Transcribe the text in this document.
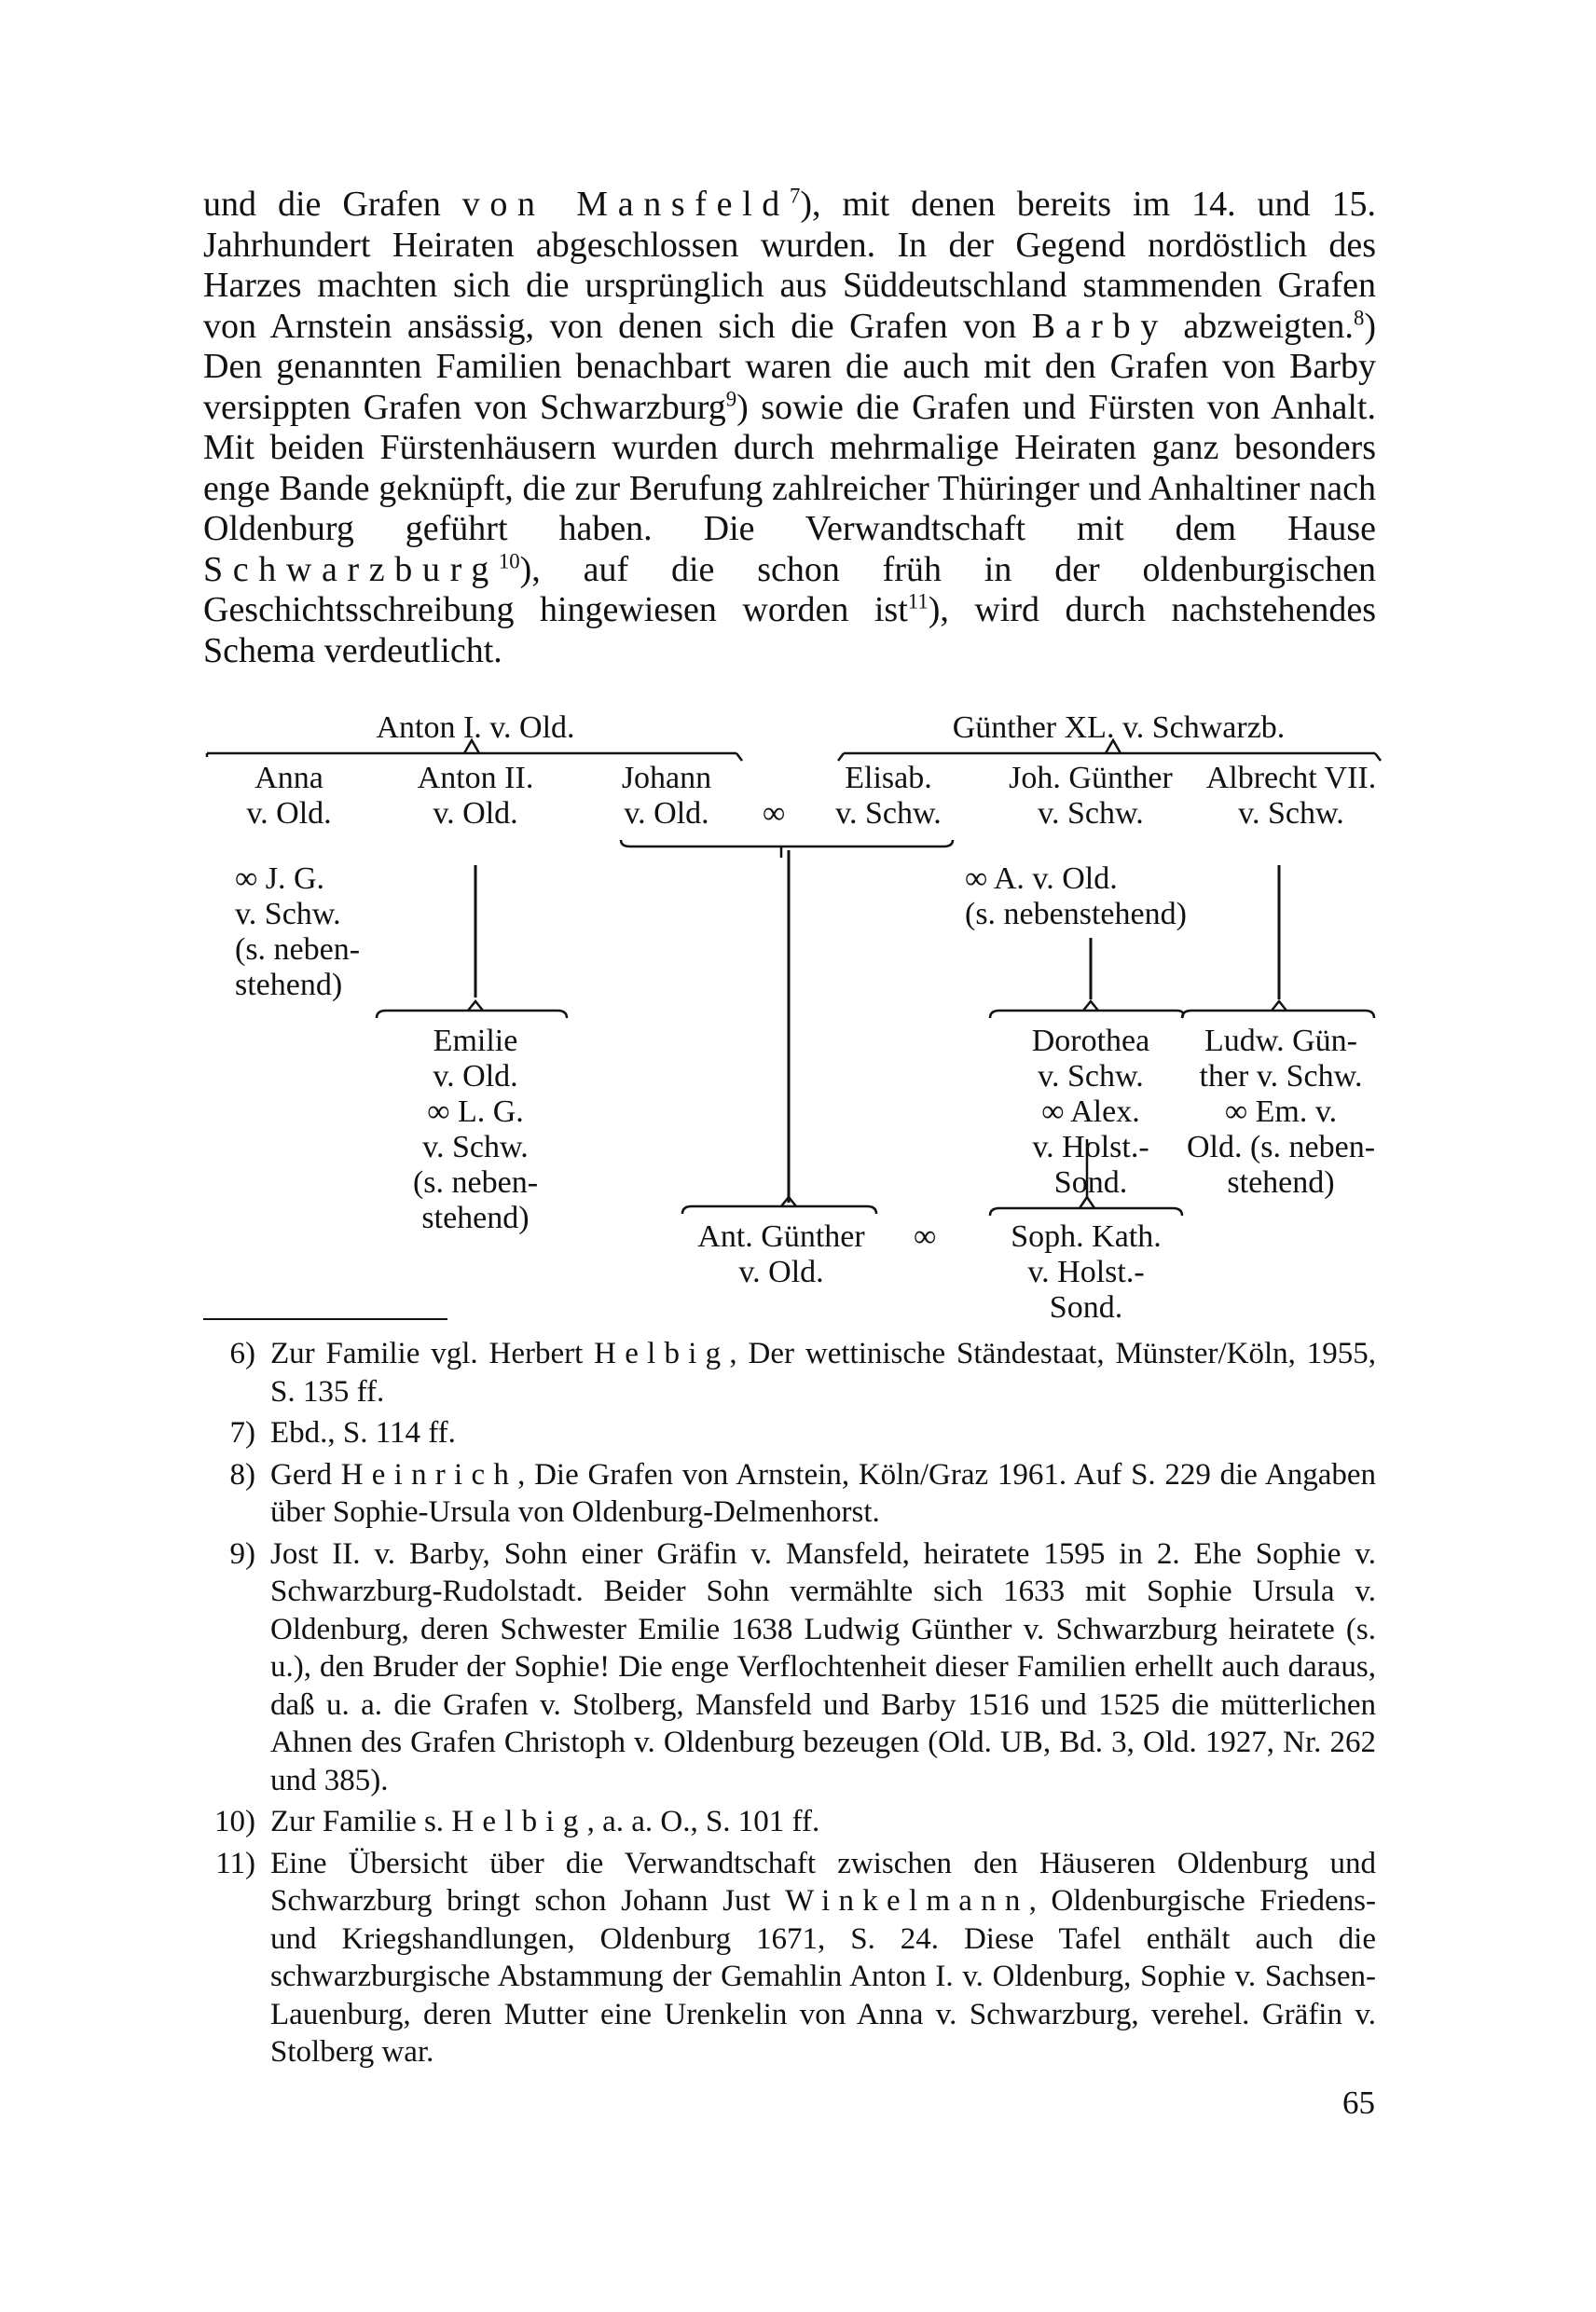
und die Grafen von Mansfeld$^7$), mit denen bereits im 14. und 15. Jahrhundert Heiraten abgeschlossen wurden. In der Gegend nordöstlich des Harzes machten sich die ursprünglich aus Süddeutschland stammenden Grafen von Arnstein ansässig, von denen sich die Grafen von Barby abzweigten.$^8$) Den genannten Familien benachbart waren die auch mit den Grafen von Barby versippten Grafen von Schwarzburg$^9$) sowie die Grafen und Fürsten von Anhalt. Mit beiden Fürstenhäusern wurden durch mehrmalige Heiraten ganz besonders enge Bande geknüpft, die zur Berufung zahlreicher Thüringer und Anhaltiner nach Oldenburg geführt haben. Die Verwandtschaft mit dem Hause Schwarzburg$^{10}$), auf die schon früh in der oldenburgischen Geschichtsschreibung hingewiesen worden ist$^{11}$), wird durch nachstehendes Schema verdeutlicht.

Anton I. v. Old.	Günther XL. v. Schwarzb.
Anna
v. Old.
Anton II.
v. Old.
Johann
v. Old.	∞
Elisab.
v. Schw.
Joh. Günther
v. Schw.
Albrecht VII.
v. Schw.
∞ J. G.
v. Schw.
(s. neben-
stehend)
∞ A. v. Old.
(s. nebenstehend)
Emilie
v. Old.
∞ L. G.
v. Schw.
(s. neben-
stehend)
Dorothea
v. Schw.
∞ Alex.
v. Holst.-
Sond.
Ludw. Gün-
ther v. Schw.
∞ Em. v.
Old. (s. neben-
stehend)
Ant. Günther
v. Old.
∞	Soph. Kath.
v. Holst.-
Sond.
6) Zur Familie vgl. Herbert Helbig, Der wettinische Ständestaat, Münster/Köln, 1955, S. 135 ff.
7) Ebd., S. 114 ff.
8) Gerd Heinrich, Die Grafen von Arnstein, Köln/Graz 1961. Auf S. 229 die Angaben über Sophie-Ursula von Oldenburg-Delmenhorst.
9) Jost II. v. Barby, Sohn einer Gräfin v. Mansfeld, heiratete 1595 in 2. Ehe Sophie v. Schwarzburg-Rudolstadt. Beider Sohn vermählte sich 1633 mit Sophie Ursula v. Oldenburg, deren Schwester Emilie 1638 Ludwig Günther v. Schwarzburg heiratete (s. u.), den Bruder der Sophie! Die enge Verflochtenheit dieser Familien erhellt auch daraus, daß u. a. die Grafen v. Stolberg, Mansfeld und Barby 1516 und 1525 die mütterlichen Ahnen des Grafen Christoph v. Oldenburg bezeugen (Old. UB, Bd. 3, Old. 1927, Nr. 262 und 385).
10) Zur Familie s. Helbig, a. a. O., S. 101 ff.
11) Eine Übersicht über die Verwandtschaft zwischen den Häuseren Oldenburg und Schwarzburg bringt schon Johann Just Winkelmann, Oldenburgische Friedens- und Kriegshandlungen, Oldenburg 1671, S. 24. Diese Tafel enthält auch die schwarzburgische Abstammung der Gemahlin Anton I. v. Oldenburg, Sophie v. Sachsen-Lauenburg, deren Mutter eine Urenkelin von Anna v. Schwarzburg, verehel. Gräfin v. Stolberg war.
65
